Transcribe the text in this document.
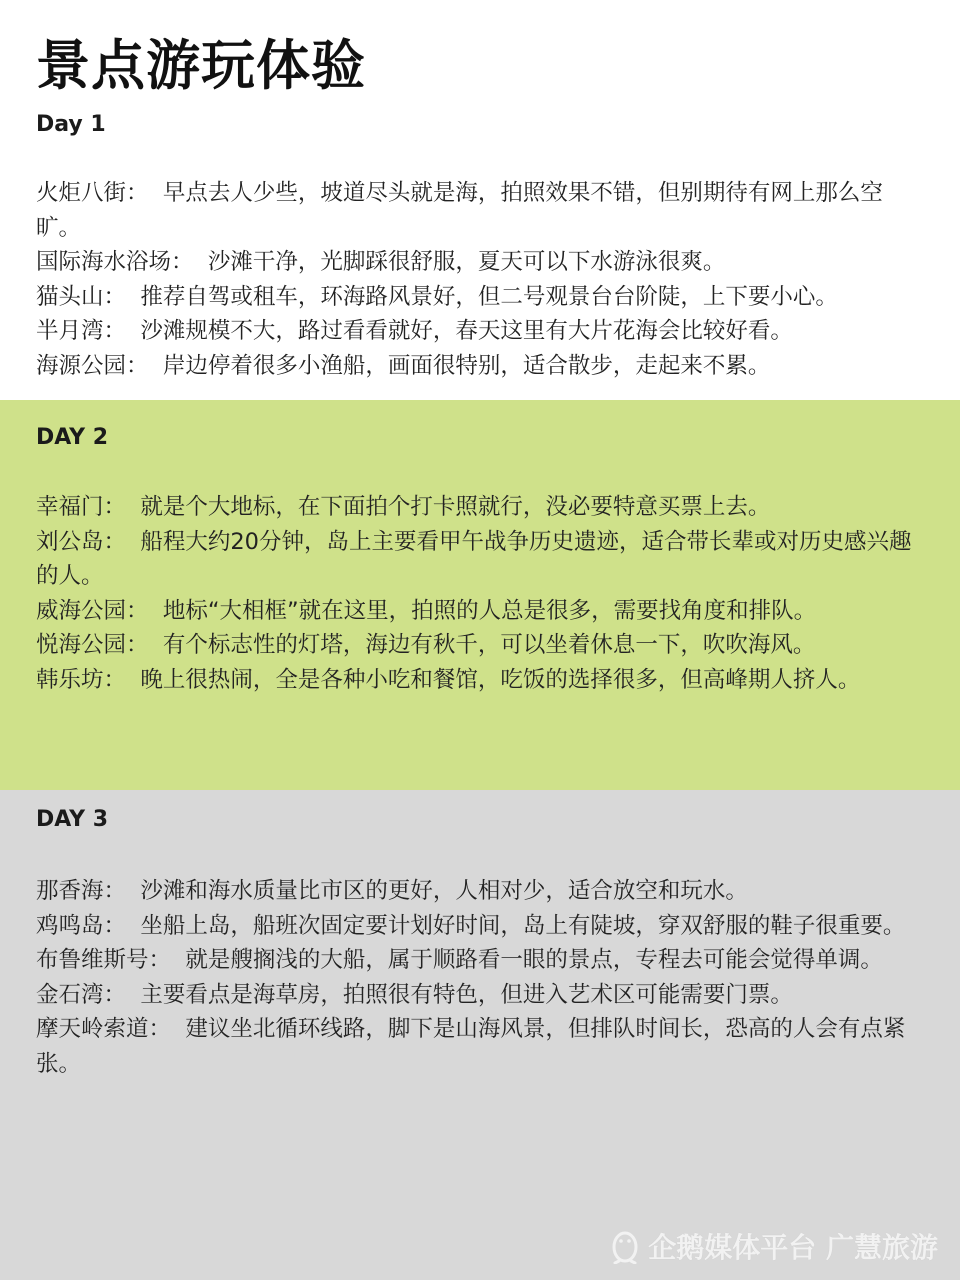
景点游玩体验
Day 1
火炬八街：  早点去人少些，坡道尽头就是海，拍照效果不错，但别期待有网上那么空旷。
国际海水浴场：  沙滩干净，光脚踩很舒服，夏天可以下水游泳很爽。
猫头山：  推荐自驾或租车，环海路风景好，但二号观景台台阶陡，上下要小心。
半月湾：  沙滩规模不大，路过看看就好，春天这里有大片花海会比较好看。
海源公园：  岸边停着很多小渔船，画面很特别，适合散步，走起来不累。
DAY 2
幸福门：  就是个大地标，在下面拍个打卡照就行，没必要特意买票上去。
刘公岛：  船程大约20分钟，岛上主要看甲午战争历史遗迹，适合带长辈或对历史感兴趣的人。
威海公园：  地标“大相框”就在这里，拍照的人总是很多，需要找角度和排队。
悦海公园：  有个标志性的灯塔，海边有秋千，可以坐着休息一下，吹吹海风。
韩乐坊：  晚上很热闹，全是各种小吃和餐馆，吃饭的选择很多，但高峰期人挤人。
DAY 3
那香海：  沙滩和海水质量比市区的更好，人相对少，适合放空和玩水。
鸡鸣岛：  坐船上岛，船班次固定要计划好时间，岛上有陡坡，穿双舒服的鞋子很重要。
布鲁维斯号：  就是艘搁浅的大船，属于顺路看一眼的景点，专程去可能会觉得单调。
金石湾：  主要看点是海草房，拍照很有特色，但进入艺术区可能需要门票。
摩天岭索道：  建议坐北循环线路，脚下是山海风景，但排队时间长，恐高的人会有点紧张。
企鹅媒体平台 广慧旅游
